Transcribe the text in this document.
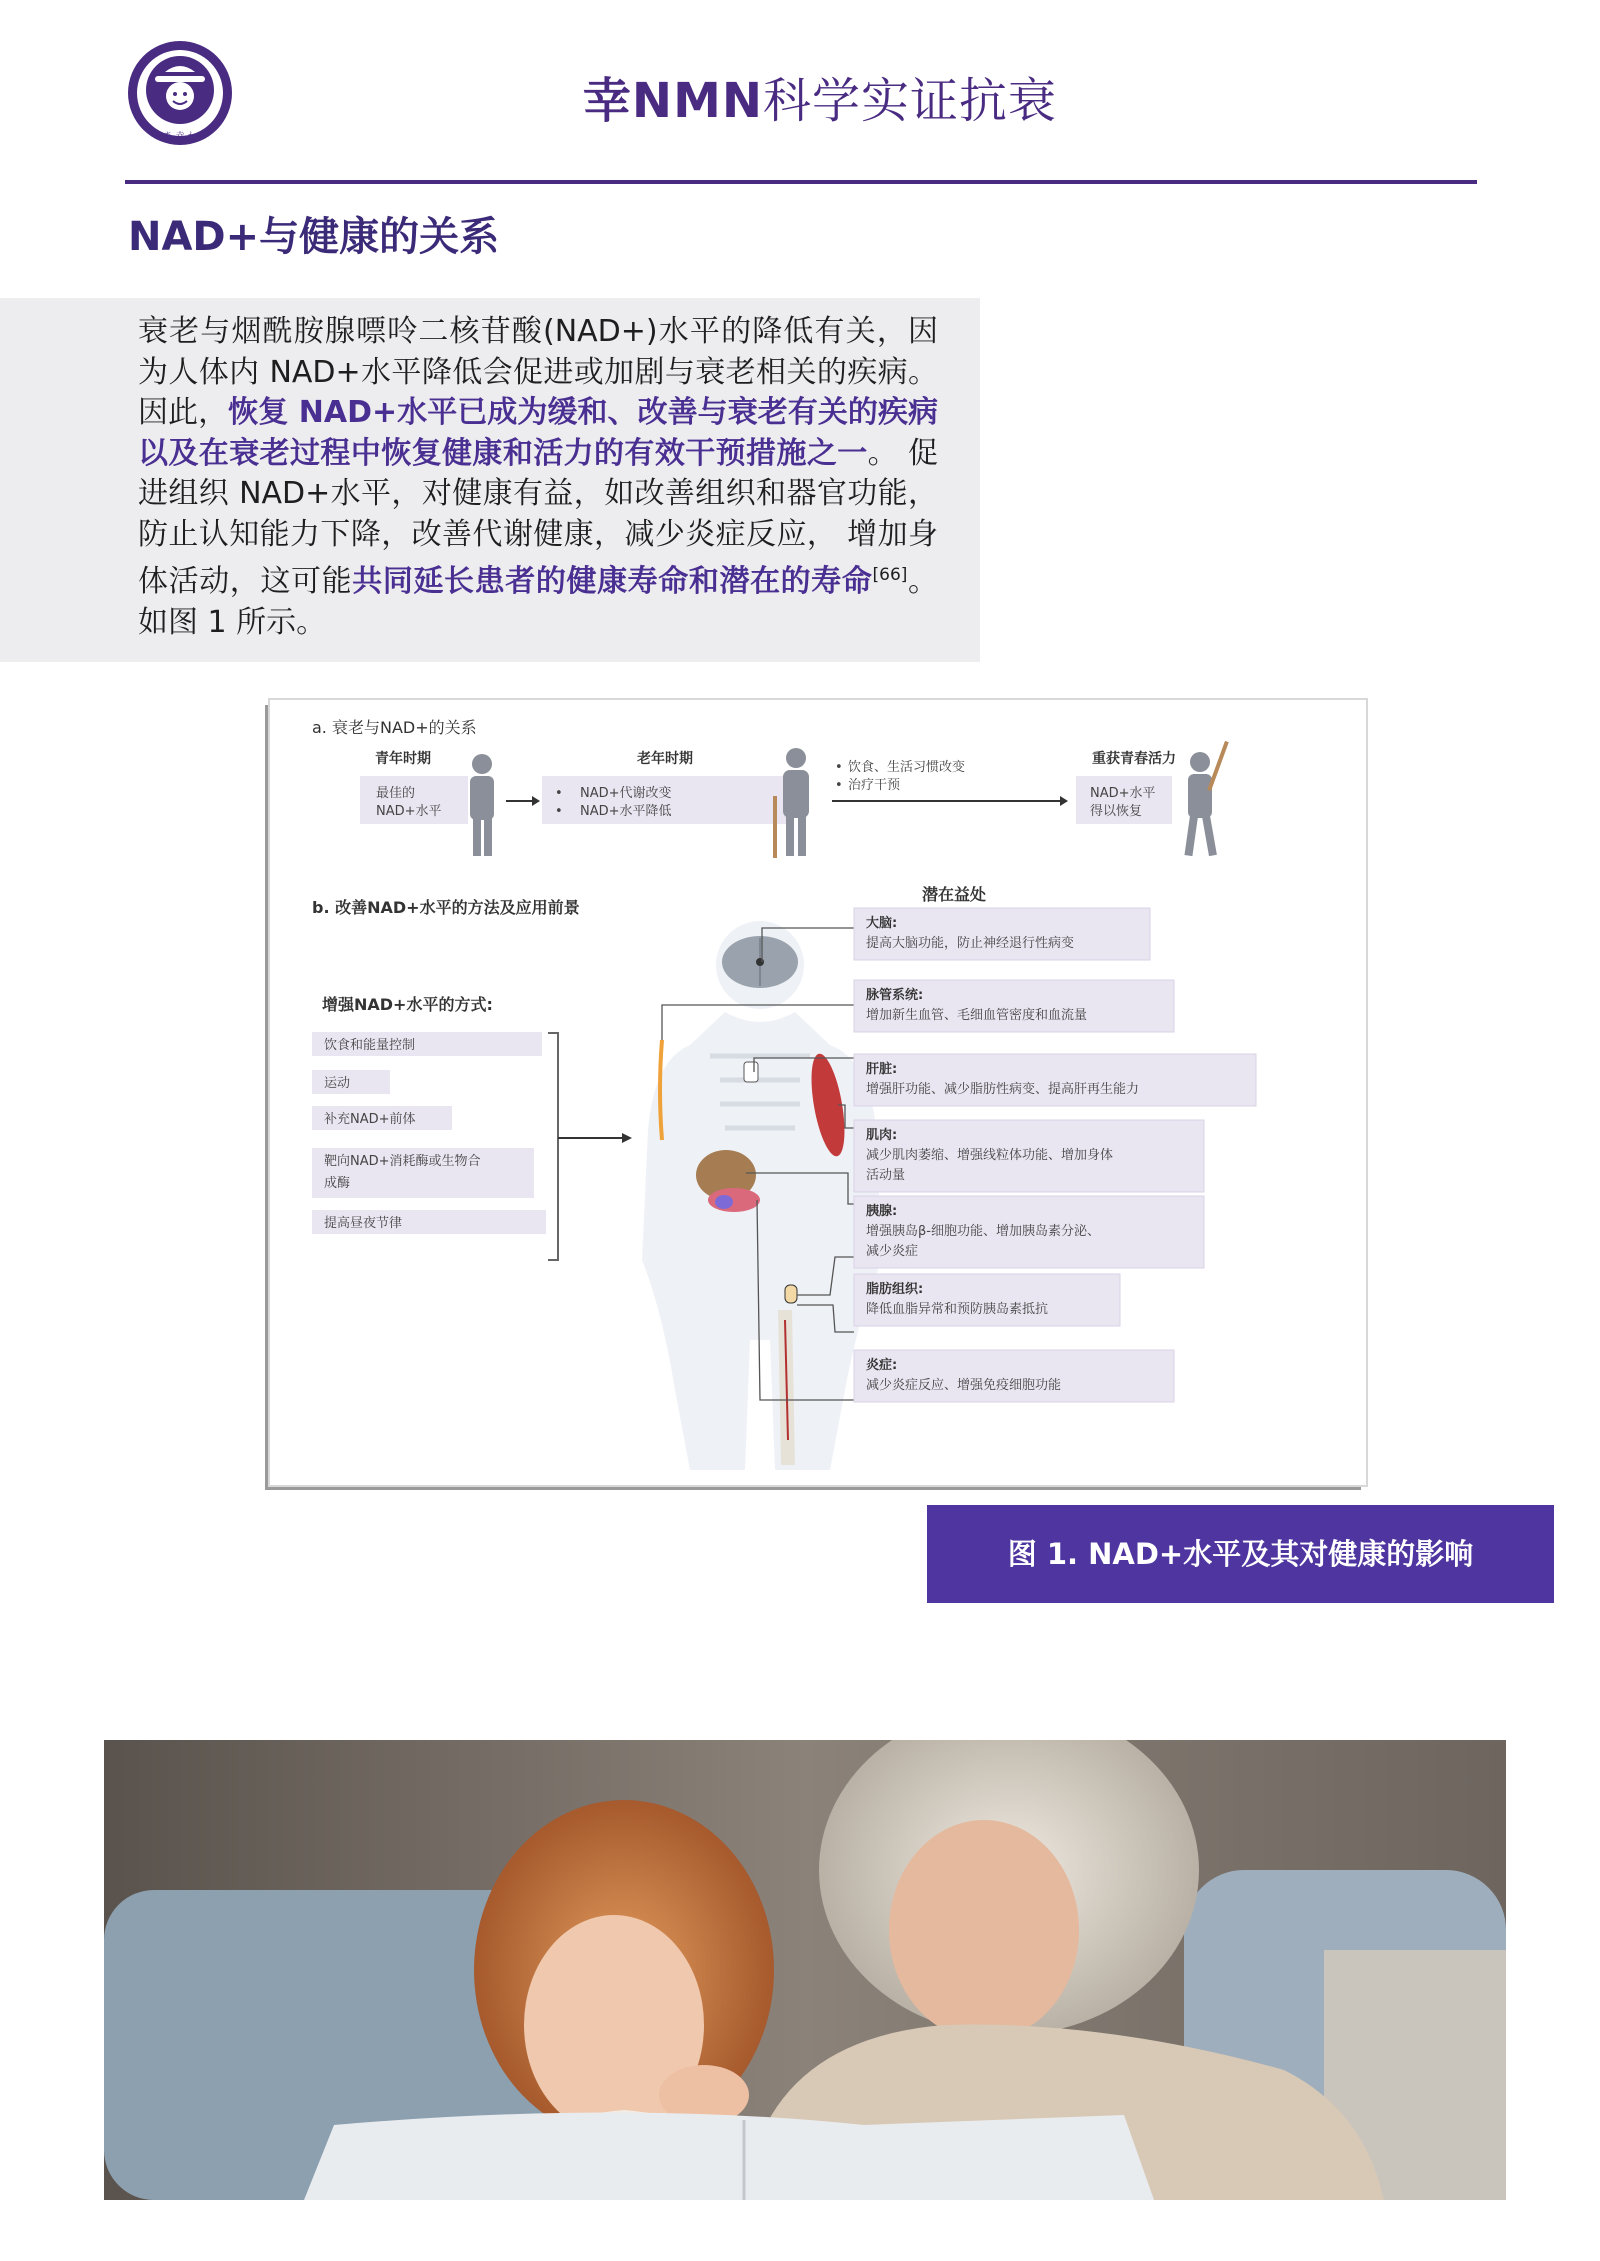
しあ·幸·わせ
幸NMN科学实证抗衰
NAD+与健康的关系
衰老与烟酰胺腺嘌呤二核苷酸(NAD+)水平的降低有关，因为人体内 NAD+水平降低会促进或加剧与衰老相关的疾病。因此，恢复 NAD+水平已成为缓和、改善与衰老有关的疾病以及在衰老过程中恢复健康和活力的有效干预措施之一。 促进组织 NAD+水平，对健康有益，如改善组织和器官功能，防止认知能力下降，改善代谢健康，减少炎症反应， 增加身体活动，这可能共同延长患者的健康寿命和潜在的寿命[66]。 如图 1 所示。
a. 衰老与NAD+的关系
青年时期
最佳的
NAD+水平
老年时期
•
•
NAD+代谢改变
NAD+水平降低
•
•
饮食、生活习惯改变
治疗干预
重获青春活力
NAD+水平
得以恢复
b. 改善NAD+水平的方法及应用前景
增强NAD+水平的方式:
饮食和能量控制
运动
补充NAD+前体
靶向NAD+消耗酶或生物合
成酶
提高昼夜节律
潜在益处
大脑:
提高大脑功能，防止神经退行性病变
脉管系统:
增加新生血管、毛细血管密度和血流量
肝脏:
增强肝功能、减少脂肪性病变、提高肝再生能力
肌肉:
减少肌肉萎缩、增强线粒体功能、增加身体
活动量
胰腺:
增强胰岛β-细胞功能、增加胰岛素分泌、
减少炎症
脂肪组织:
降低血脂异常和预防胰岛素抵抗
炎症:
减少炎症反应、增强免疫细胞功能
图 1. NAD+水平及其对健康的影响
